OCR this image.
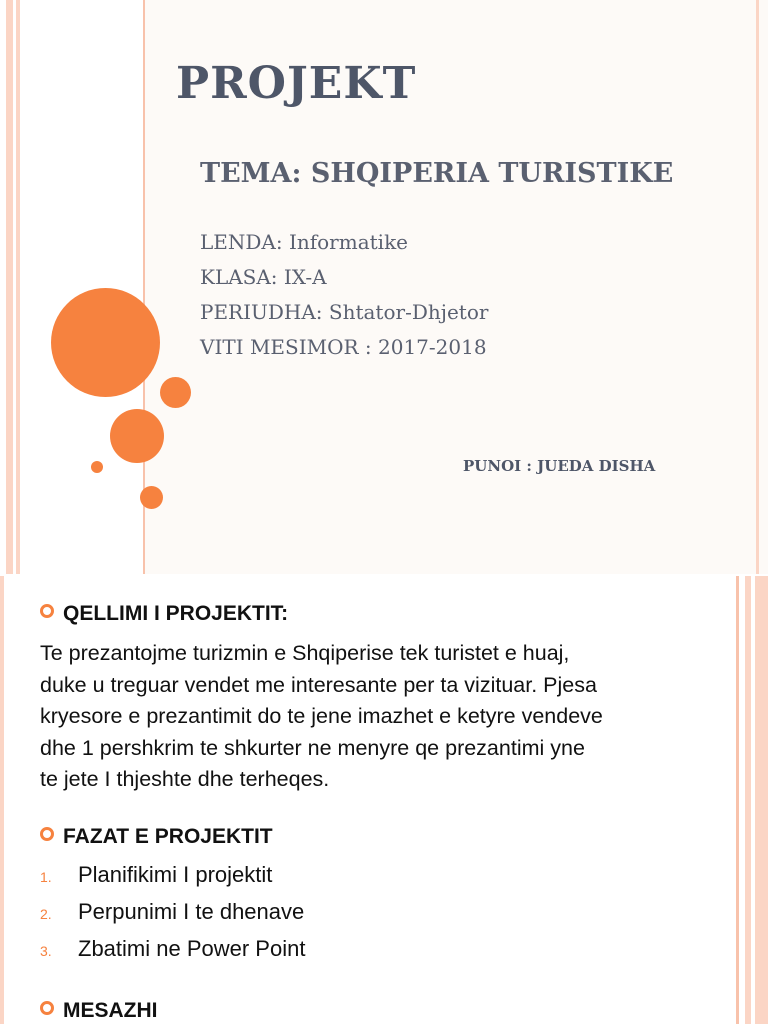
PROJEKT
TEMA: SHQIPERIA TURISTIKE

LENDA: Informatike

KLASA: IX-A

PERIUDHA: Shtator-Dhjetor

VITI MESIMOR : 2017-2018

PUNOI : JUEDA DISHA

QELLIMI I PROJEKTIT:

Te prezantojme turizmin e Shqiperise tek turistet e huaj,
duke u treguar vendet me interesante per ta vizituar. Pjesa
kryesore e prezantimit do te jene imazhet e ketyre vendeve
dhe 1 pershkrim te shkurter ne menyre qe prezantimi yne
te jete I thjeshte dhe terheqes.

FAZAT E PROJEKTIT

1. Planifikimi I projektit
2. Perpunimi I te dhenave
3. Zbatimi ne Power Point

MESAZHI
